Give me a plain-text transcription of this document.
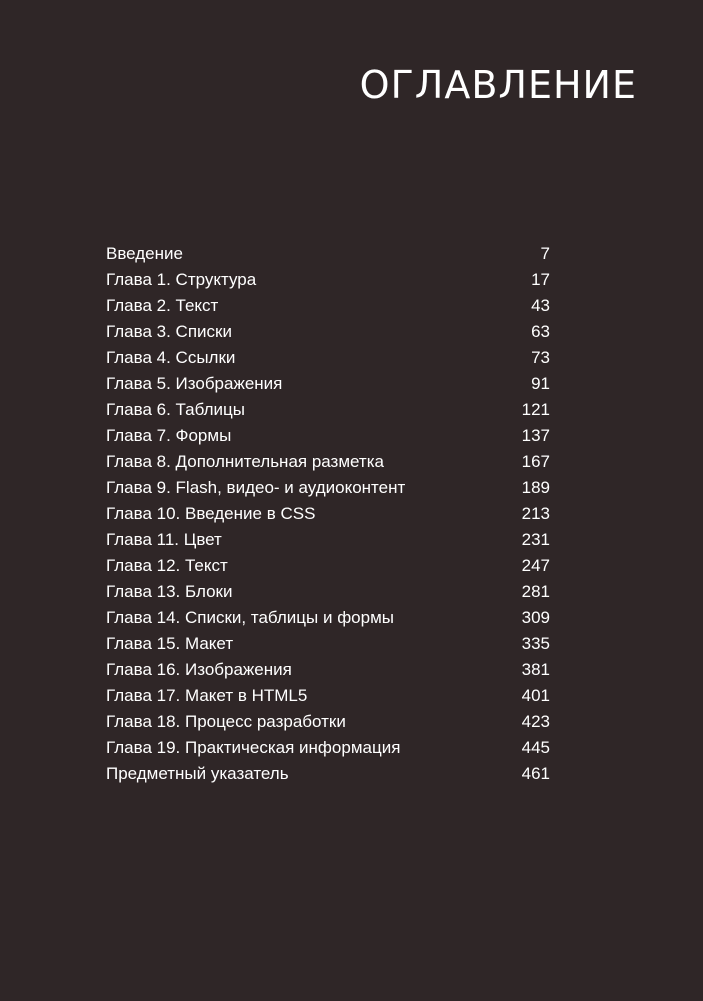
ОГЛАВЛЕНИЕ
Введение	7
Глава 1. Структура	17
Глава 2. Текст	43
Глава 3. Списки	63
Глава 4. Ссылки	73
Глава 5. Изображения	91
Глава 6. Таблицы	121
Глава 7. Формы	137
Глава 8. Дополнительная разметка	167
Глава 9. Flash, видео- и аудиоконтент	189
Глава 10. Введение в CSS	213
Глава 11. Цвет	231
Глава 12. Текст	247
Глава 13. Блоки	281
Глава 14. Списки, таблицы и формы	309
Глава 15. Макет	335
Глава 16. Изображения	381
Глава 17. Макет в HTML5	401
Глава 18. Процесс разработки	423
Глава 19. Практическая информация	445
Предметный указатель	461
